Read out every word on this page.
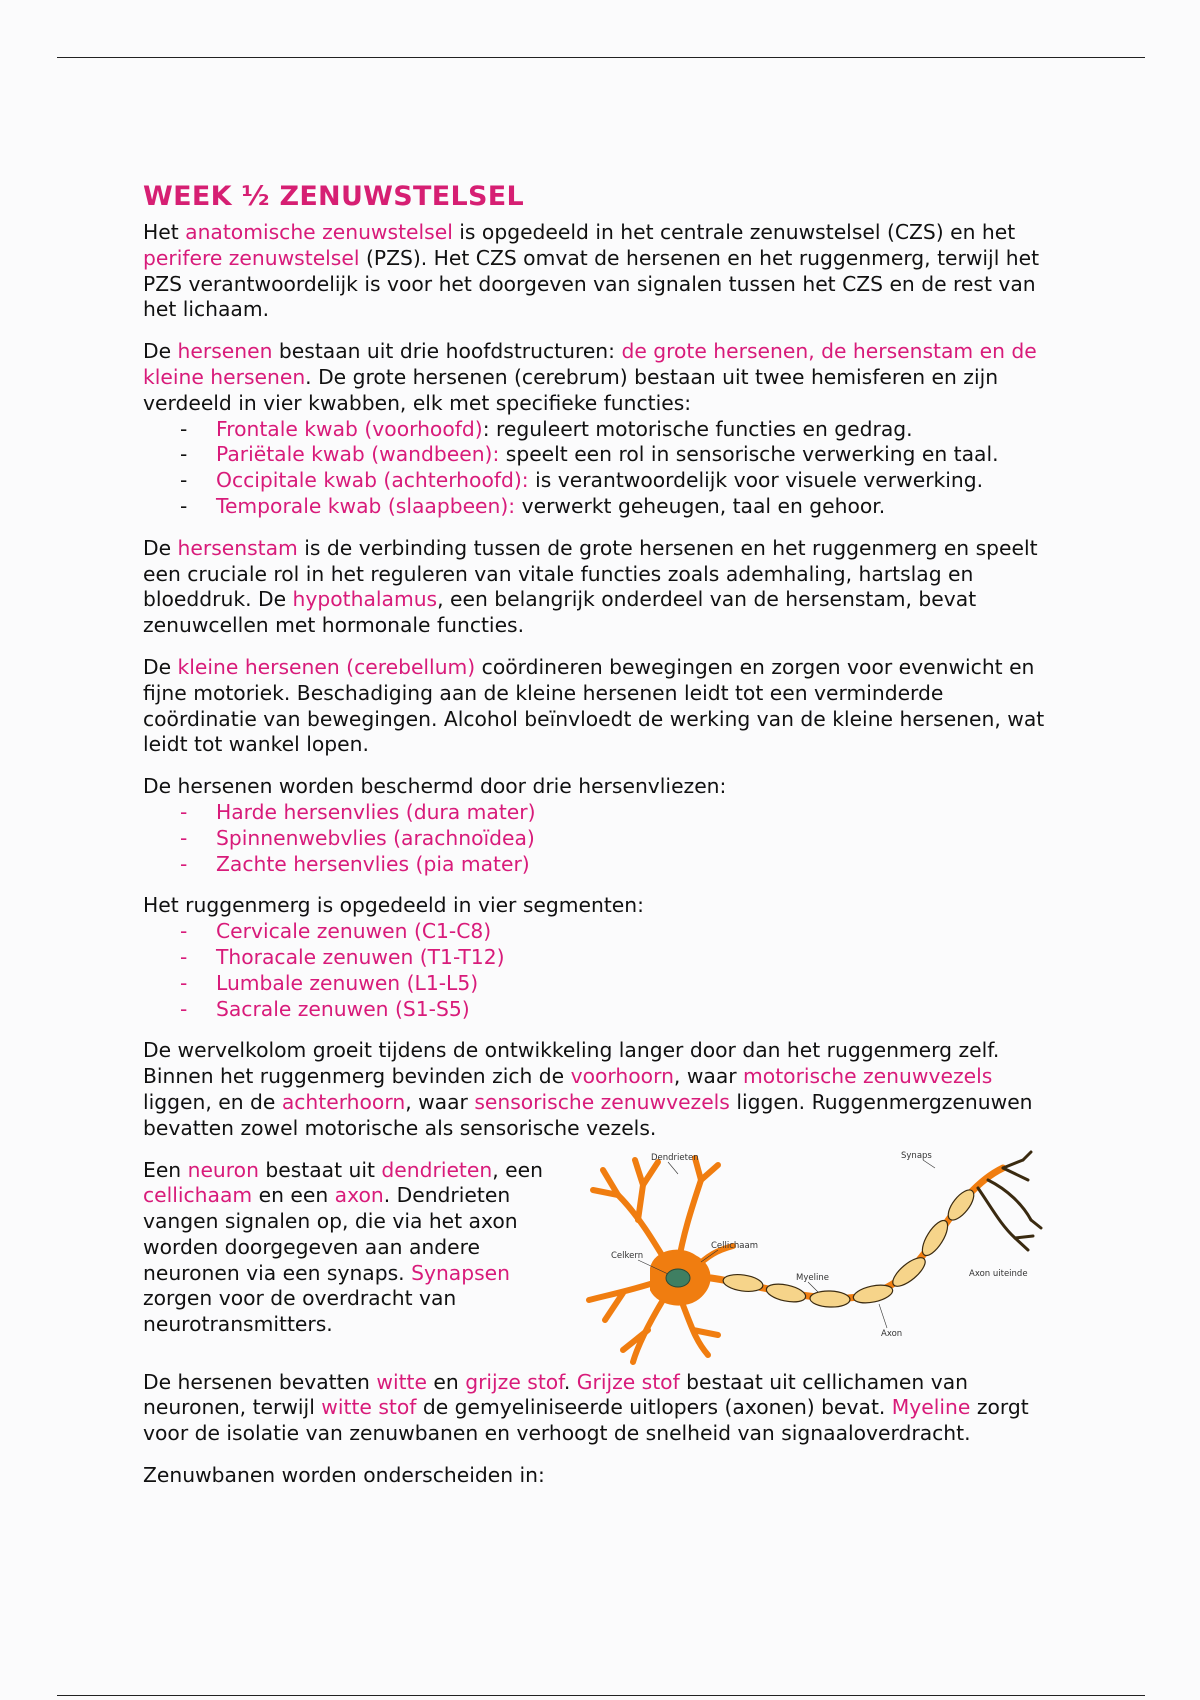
WEEK ½ ZENUWSTELSEL

Het anatomische zenuwstelsel is opgedeeld in het centrale zenuwstelsel (CZS) en het perifere zenuwstelsel (PZS). Het CZS omvat de hersenen en het ruggenmerg, terwijl het PZS verantwoordelijk is voor het doorgeven van signalen tussen het CZS en de rest van het lichaam.

De hersenen bestaan uit drie hoofdstructuren: de grote hersenen, de hersenstam en de kleine hersenen. De grote hersenen (cerebrum) bestaan uit twee hemisferen en zijn verdeeld in vier kwabben, elk met specifieke functies:

- Frontale kwab (voorhoofd): reguleert motorische functies en gedrag.
- Pariëtale kwab (wandbeen): speelt een rol in sensorische verwerking en taal.
- Occipitale kwab (achterhoofd): is verantwoordelijk voor visuele verwerking.
- Temporale kwab (slaapbeen): verwerkt geheugen, taal en gehoor.

De hersenstam is de verbinding tussen de grote hersenen en het ruggenmerg en speelt een cruciale rol in het reguleren van vitale functies zoals ademhaling, hartslag en bloeddruk. De hypothalamus, een belangrijk onderdeel van de hersenstam, bevat zenuwcellen met hormonale functies.

De kleine hersenen (cerebellum) coördineren bewegingen en zorgen voor evenwicht en fijne motoriek. Beschadiging aan de kleine hersenen leidt tot een verminderde coördinatie van bewegingen. Alcohol beïnvloedt de werking van de kleine hersenen, wat leidt tot wankel lopen.

De hersenen worden beschermd door drie hersenvliezen:

- Harde hersenvlies (dura mater)
- Spinnenwebvlies (arachnoïdea)
- Zachte hersenvlies (pia mater)

Het ruggenmerg is opgedeeld in vier segmenten:

- Cervicale zenuwen (C1-C8)
- Thoracale zenuwen (T1-T12)
- Lumbale zenuwen (L1-L5)
- Sacrale zenuwen (S1-S5)

De wervelkolom groeit tijdens de ontwikkeling langer door dan het ruggenmerg zelf. Binnen het ruggenmerg bevinden zich de voorhoorn, waar motorische zenuwvezels liggen, en de achterhoorn, waar sensorische zenuwvezels liggen. Ruggenmergzenuwen bevatten zowel motorische als sensorische vezels.

Een neuron bestaat uit dendrieten, een cellichaam en een axon. Dendrieten vangen signalen op, die via het axon worden doorgegeven aan andere neuronen via een synaps. Synapsen zorgen voor de overdracht van neurotransmitters.

Dendrieten	Synaps
Celkern
Cellichaam
Myeline
Axon
Axon uiteinde

De hersenen bevatten witte en grijze stof. Grijze stof bestaat uit cellichamen van neuronen, terwijl witte stof de gemyeliniseerde uitlopers (axonen) bevat. Myeline zorgt voor de isolatie van zenuwbanen en verhoogt de snelheid van signaaloverdracht.

Zenuwbanen worden onderscheiden in:
